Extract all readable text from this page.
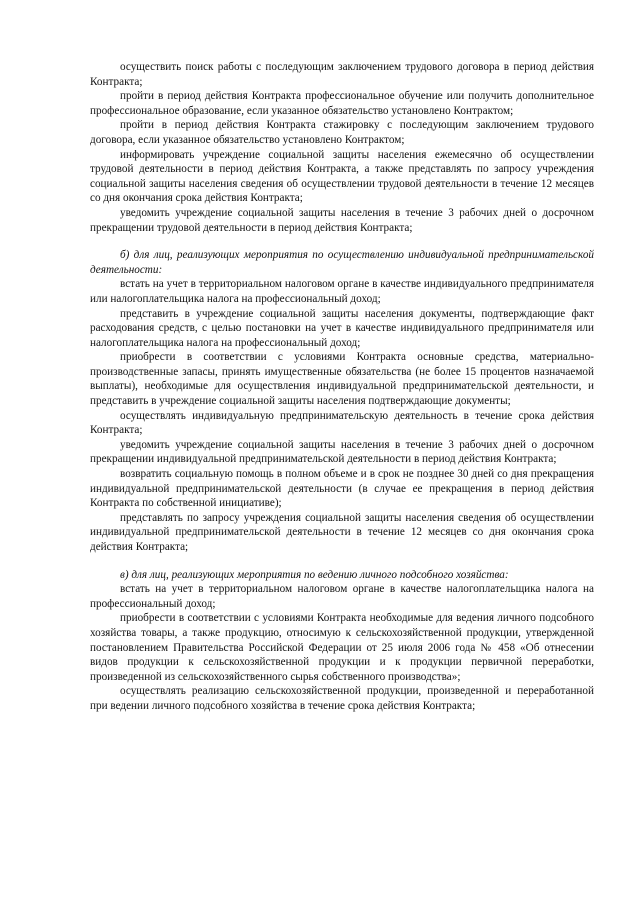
осуществить поиск работы с последующим заключением трудового договора в период действия Контракта;

пройти в период действия Контракта профессиональное обучение или получить дополнительное профессиональное образование, если указанное обязательство установлено Контрактом;

пройти в период действия Контракта стажировку с последующим заключением трудового договора, если указанное обязательство установлено Контрактом;

информировать учреждение социальной защиты населения ежемесячно об осуществлении трудовой деятельности в период действия Контракта, а также представлять по запросу учреждения социальной защиты населения сведения об осуществлении трудовой деятельности в течение 12 месяцев со дня окончания срока действия Контракта;

уведомить учреждение социальной защиты населения в течение 3 рабочих дней о досрочном прекращении трудовой деятельности в период действия Контракта;

б) для лиц, реализующих мероприятия по осуществлению индивидуальной предпринимательской деятельности:

встать на учет в территориальном налоговом органе в качестве индивидуального предпринимателя или налогоплательщика налога на профессиональный доход;

представить в учреждение социальной защиты населения документы, подтверждающие факт расходования средств, с целью постановки на учет в качестве индивидуального предпринимателя или налогоплательщика налога на профессиональный доход;

приобрести в соответствии с условиями Контракта основные средства, материально-производственные запасы, принять имущественные обязательства (не более 15 процентов назначаемой выплаты), необходимые для осуществления индивидуальной предпринимательской деятельности, и представить в учреждение социальной защиты населения подтверждающие документы;

осуществлять индивидуальную предпринимательскую деятельность в течение срока действия Контракта;

уведомить учреждение социальной защиты населения в течение 3 рабочих дней о досрочном прекращении индивидуальной предпринимательской деятельности в период действия Контракта;

возвратить социальную помощь в полном объеме и в срок не позднее 30 дней со дня прекращения индивидуальной предпринимательской деятельности (в случае ее прекращения в период действия Контракта по собственной инициативе);

представлять по запросу учреждения социальной защиты населения сведения об осуществлении индивидуальной предпринимательской деятельности в течение 12 месяцев со дня окончания срока действия Контракта;

в) для лиц, реализующих мероприятия по ведению личного подсобного хозяйства:

встать на учет в территориальном налоговом органе в качестве налогоплательщика налога на профессиональный доход;

приобрести в соответствии с условиями Контракта необходимые для ведения личного подсобного хозяйства товары, а также продукцию, относимую к сельскохозяйственной продукции, утвержденной постановлением Правительства Российской Федерации от 25 июля 2006 года № 458 «Об отнесении видов продукции к сельскохозяйственной продукции и к продукции первичной переработки, произведенной из сельскохозяйственного сырья собственного производства»;

осуществлять реализацию сельскохозяйственной продукции, произведенной и переработанной при ведении личного подсобного хозяйства в течение срока действия Контракта;
